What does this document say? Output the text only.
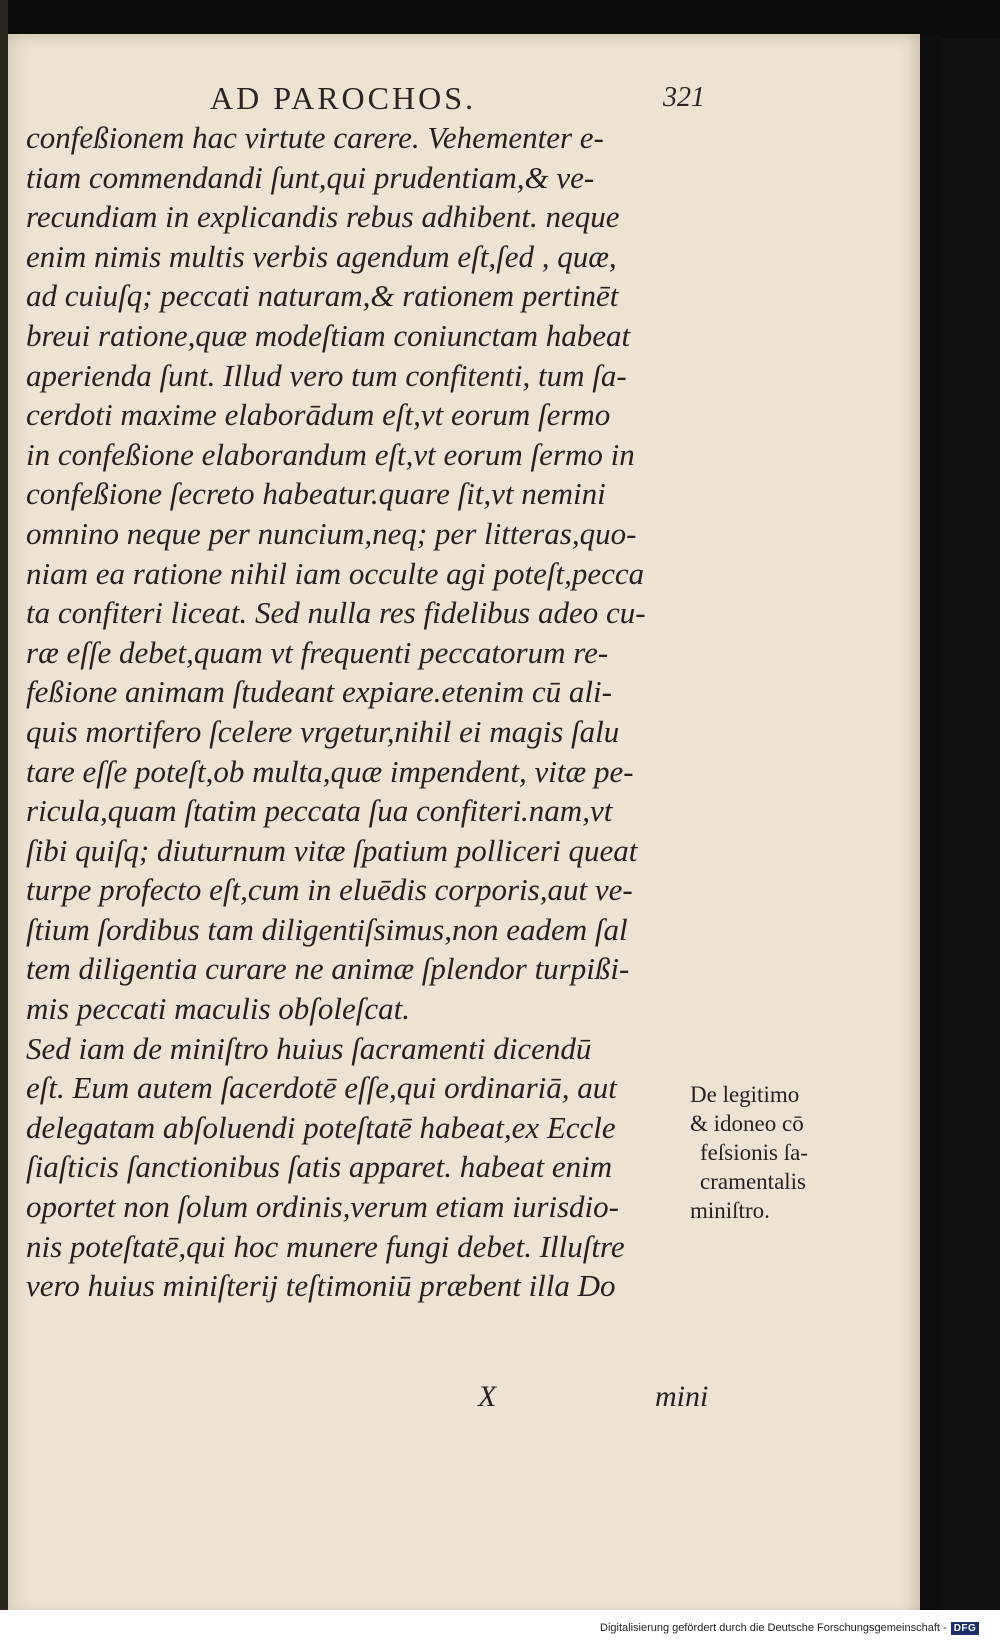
AD PAROCHOS.	321
confeßionem hac virtute carere. Vehementer e-
tiam commendandi ſunt,qui prudentiam,& ve-
recundiam in explicandis rebus adhibent. neque
enim nimis multis verbis agendum eſt,ſed , quæ,
ad cuiuſq; peccati naturam,& rationem pertinēt
breui ratione,quæ modeſtiam coniunctam habeat
aperienda ſunt. Illud vero tum confitenti, tum ſa-
cerdoti maxime elaborādum eſt,vt eorum ſermo
in confeßione elaborandum eſt,vt eorum ſermo in
confeßione ſecreto habeatur.quare ſit,vt nemini
omnino neque per nuncium,neq; per litteras,quo-
niam ea ratione nihil iam occulte agi poteſt,pecca
ta confiteri liceat. Sed nulla res fidelibus adeo cu-
ræ eſſe debet,quam vt frequenti peccatorum re-
feßione animam ſtudeant expiare.etenim cū ali-
quis mortifero ſcelere vrgetur,nihil ei magis ſalu
tare eſſe poteſt,ob multa,quæ impendent, vitæ pe-
ricula,quam ſtatim peccata ſua confiteri.nam,vt
ſibi quiſq; diuturnum vitæ ſpatium polliceri queat
turpe profecto eſt,cum in eluēdis corporis,aut ve-
ſtium ſordibus tam diligentiſsimus,non eadem ſal
tem diligentia curare ne animæ ſplendor turpißi-
mis peccati maculis obſoleſcat.
Sed iam de miniſtro huius ſacramenti dicendū
eſt. Eum autem ſacerdotē eſſe,qui ordinariā, aut
delegatam abſoluendi poteſtatē habeat,ex Eccle
ſiaſticis ſanctionibus ſatis apparet. habeat enim
oportet non ſolum ordinis,verum etiam iurisdio-
nis poteſtatē,qui hoc munere fungi debet. Illuſtre
vero huius miniſterij teſtimoniū præbent illa Do
De legitimo
& idoneo cō
feſsionis ſa-
cramentalis
miniſtro.
X	mini
Digitalisierung gefördert durch die Deutsche Forschungsgemeinschaft - DFG
